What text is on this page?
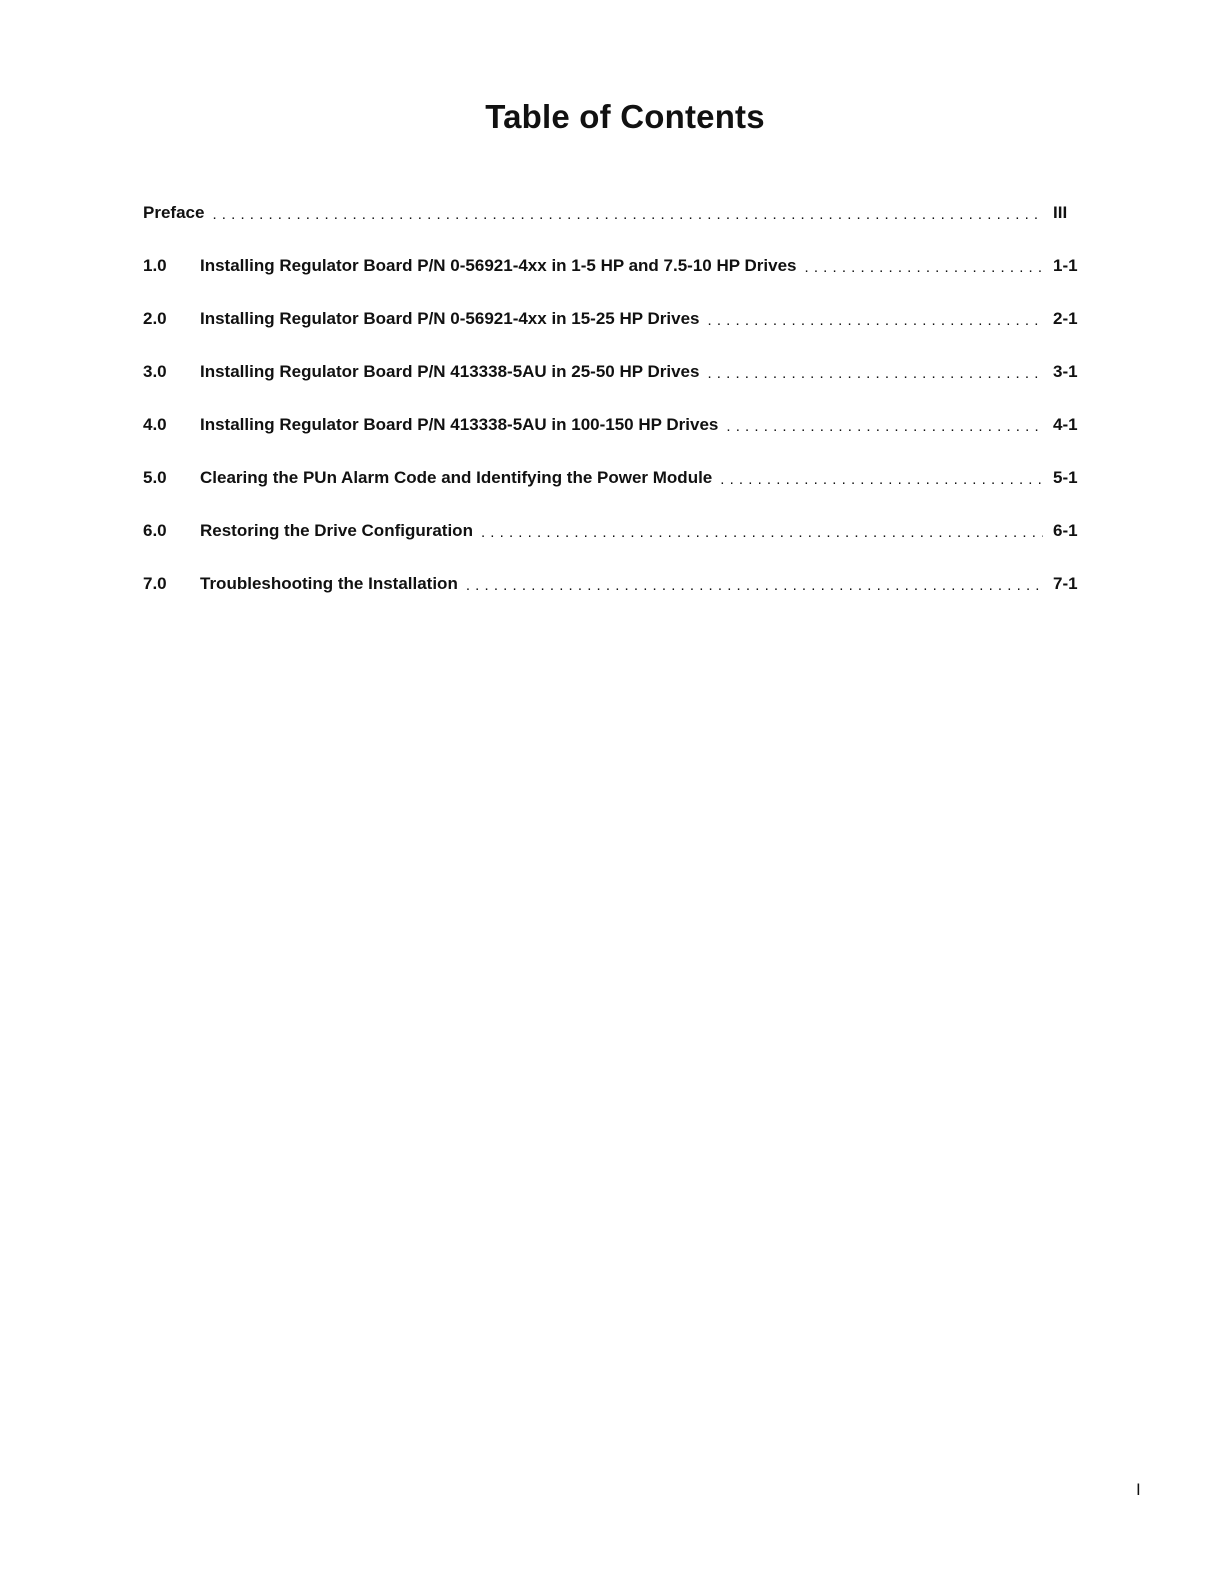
Table of Contents
Preface . . .	III
1.0	Installing Regulator Board P/N 0-56921-4xx in 1-5 HP and 7.5-10 HP Drives . . .	1-1
2.0	Installing Regulator Board P/N 0-56921-4xx in 15-25 HP Drives . . .	2-1
3.0	Installing Regulator Board P/N 413338-5AU in 25-50 HP Drives . . .	3-1
4.0	Installing Regulator Board P/N 413338-5AU in 100-150 HP Drives . . .	4-1
5.0	Clearing the PUn Alarm Code and Identifying the Power Module . . .	5-1
6.0	Restoring the Drive Configuration . . .	6-1
7.0	Troubleshooting the Installation . . .	7-1
I
